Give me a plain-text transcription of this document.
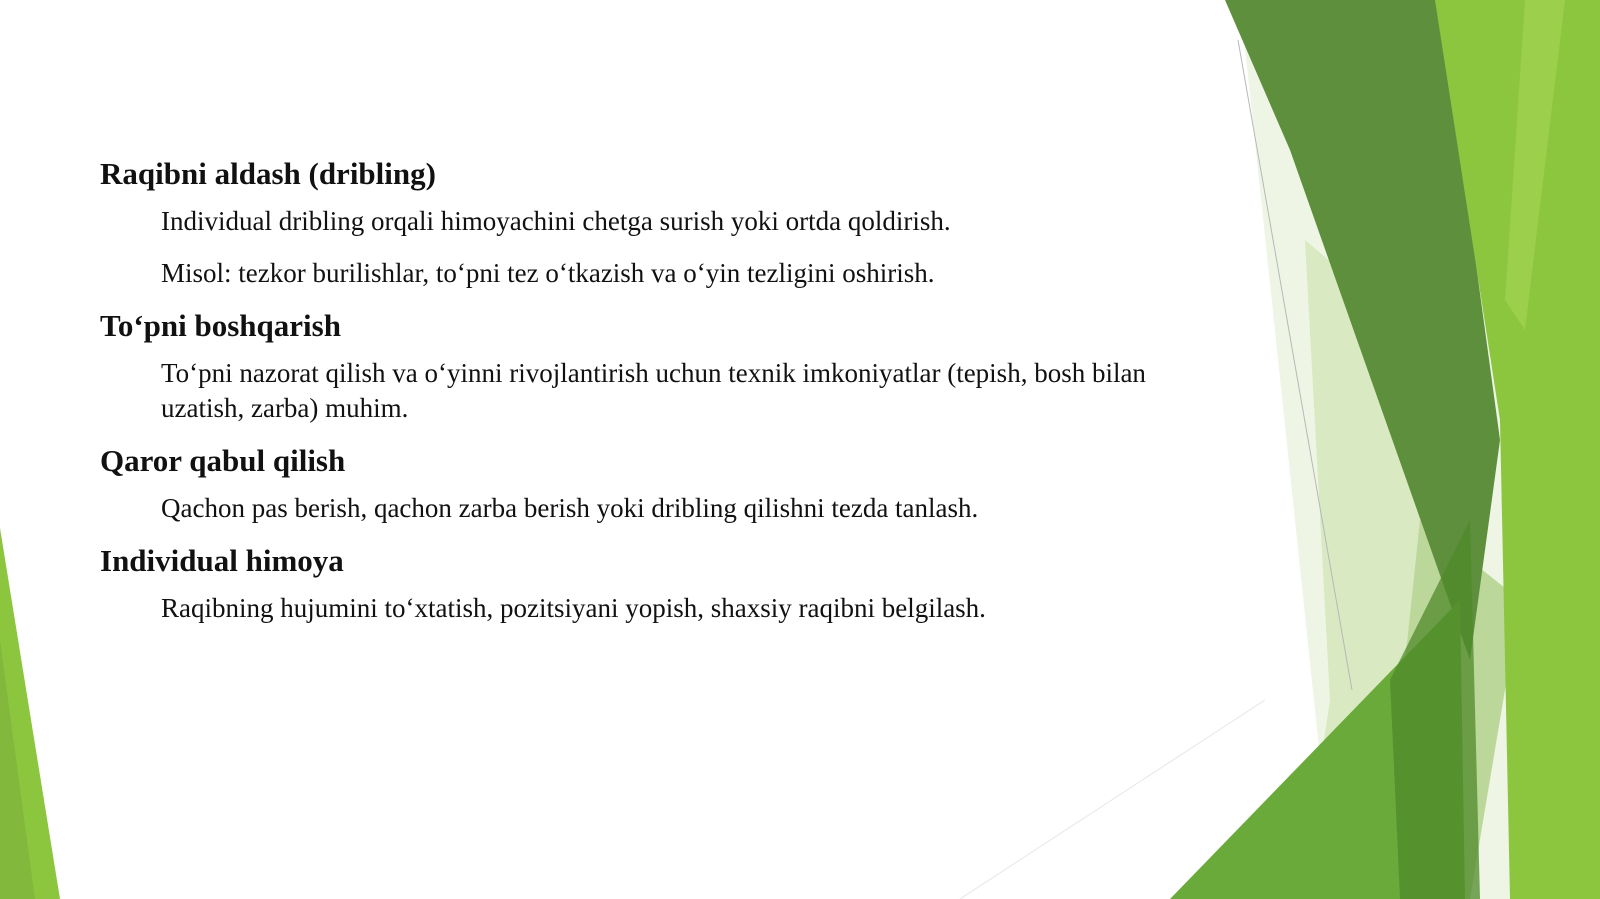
Raqibni aldash (dribling)

Individual dribling orqali himoyachini chetga surish yoki ortda qoldirish.

Misol: tezkor burilishlar, to‘pni tez o‘tkazish va o‘yin tezligini oshirish.

To‘pni boshqarish

To‘pni nazorat qilish va o‘yinni rivojlantirish uchun texnik imkoniyatlar (tepish, bosh bilan uzatish, zarba) muhim.

Qaror qabul qilish

Qachon pas berish, qachon zarba berish yoki dribling qilishni tezda tanlash.

Individual himoya

Raqibning hujumini to‘xtatish, pozitsiyani yopish, shaxsiy raqibni belgilash.
